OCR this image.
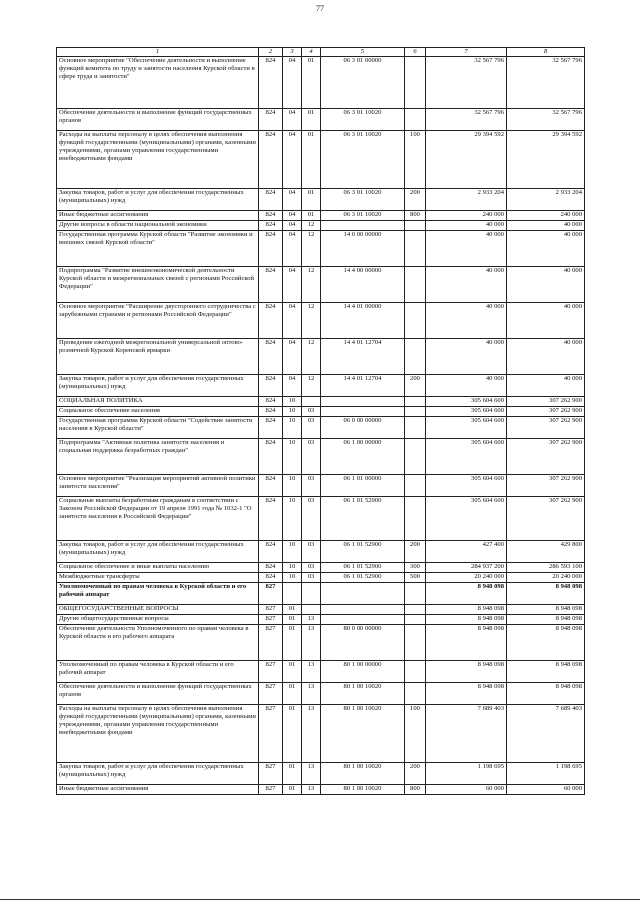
77
1	2	3	4	5	6	7	8
Основное мероприятие "Обеспечение деятельности и выполнение функций комитета по труду и занятости населения Курской области в сфере труда и занятости"	824	04	01	06 3 01 00000		32 567 796	32 567 796
Обеспечение деятельности и выполнение функций государственных органов	824	04	01	06 3 01 10020		32 567 796	32 567 796
Расходы на выплаты персоналу в целях обеспечения выполнения функций государственными (муниципальными) органами, казенными учреждениями, органами управления государственными внебюджетными фондами	824	04	01	06 3 01 10020	100	29 394 592	29 394 592
Закупка товаров, работ и услуг для обеспечения государственных (муниципальных) нужд	824	04	01	06 3 01 10020	200	2 933 204	2 933 204
Иные бюджетные ассигнования	824	04	01	06 3 01 10020	800	240 000	240 000
Другие вопросы в области национальной экономики	824	04	12			40 000	40 000
Государственная программа Курской области "Развитие экономики и внешних связей Курской области"	824	04	12	14 0 00 00000		40 000	40 000
Подпрограмма "Развитие внешнеэкономической деятельности Курской области и межрегиональных связей с регионами Российской Федерации"	824	04	12	14 4 00 00000		40 000	40 000
Основное мероприятие "Расширение двустороннего сотрудничества с зарубежными странами и регионами Российской Федерации"	824	04	12	14 4 01 00000		40 000	40 000
Проведение ежегодной межрегиональной универсальной оптово-розничной Курской Коренской ярмарки	824	04	12	14 4 01 12704		40 000	40 000
Закупка товаров, работ и услуг для обеспечения государственных (муниципальных) нужд	824	04	12	14 4 01 12704	200	40 000	40 000
СОЦИАЛЬНАЯ ПОЛИТИКА	824	10				305 604 600	307 262 900
Социальное обеспечение населения	824	10	03			305 604 600	307 262 900
Государственная программа Курской области "Содействие занятости населения в Курской области"	824	10	03	06 0 00 00000		305 604 600	307 262 900
Подпрограмма "Активная политика занятости населения и социальная поддержка безработных граждан"	824	10	03	06 1 00 00000		305 604 600	307 262 900
Основное мероприятие "Реализация мероприятий активной политики занятости населения"	824	10	03	06 1 01 00000		305 604 600	307 262 900
Социальные выплаты безработным гражданам в соответствии с Законом Российской Федерации от 19 апреля 1991 года № 1032-1 "О занятости населения в Российской Федерации"	824	10	03	06 1 01 52900		305 604 600	307 262 900
Закупка товаров, работ и услуг для обеспечения государственных (муниципальных) нужд	824	10	03	06 1 01 52900	200	427 400	429 800
Социальное обеспечение и иные выплаты населению	824	10	03	06 1 01 52900	300	284 937 200	286 593 100
Межбюджетные трансферты	824	10	03	06 1 01 52900	500	20 240 000	20 240 000
Уполномоченный по правам человека в Курской области и его рабочий аппарат	827					8 948 098	8 948 098
ОБЩЕГОСУДАРСТВЕННЫЕ ВОПРОСЫ	827	01				8 948 098	8 948 098
Другие общегосударственные вопросы	827	01	13			8 948 098	8 948 098
Обеспечение деятельности Уполномоченного по правам человека в Курской области и его рабочего аппарата	827	01	13	80 0 00 00000		8 948 098	8 948 098
Уполномоченный по правам человека в Курской области и его рабочий аппарат	827	01	13	80 1 00 00000		8 948 098	8 948 098
Обеспечение деятельности и выполнение функций государственных органов	827	01	13	80 1 00 10020		8 948 098	8 948 098
Расходы на выплаты персоналу в целях обеспечения выполнения функций государственными (муниципальными) органами, казенными учреждениями, органами управления государственными внебюджетными фондами	827	01	13	80 1 00 10020	100	7 689 403	7 689 403
Закупка товаров, работ и услуг для обеспечения государственных (муниципальных) нужд	827	01	13	80 1 00 10020	200	1 198 695	1 198 695
Иные бюджетные ассигнования	827	01	13	80 1 00 10020	800	60 000	60 000
